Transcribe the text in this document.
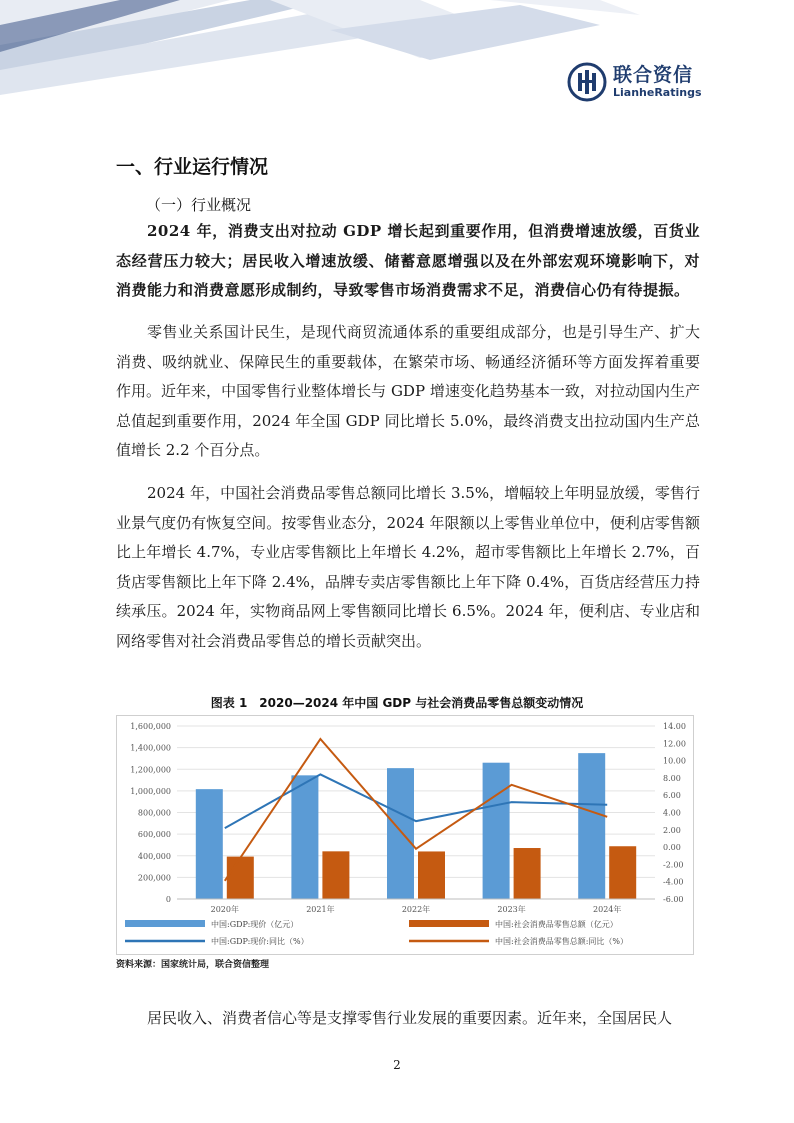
联合资信
LianheRatings
一、行业运行情况
（一）行业概况

2024 年，消费支出对拉动 GDP 增长起到重要作用，但消费增速放缓，百货业态经营压力较大；居民收入增速放缓、储蓄意愿增强以及在外部宏观环境影响下，对消费能力和消费意愿形成制约，导致零售市场消费需求不足，消费信心仍有待提振。

零售业关系国计民生，是现代商贸流通体系的重要组成部分，也是引导生产、扩大消费、吸纳就业、保障民生的重要载体，在繁荣市场、畅通经济循环等方面发挥着重要作用。近年来，中国零售行业整体增长与 GDP 增速变化趋势基本一致，对拉动国内生产总值起到重要作用，2024 年全国 GDP 同比增长 5.0%，最终消费支出拉动国内生产总值增长 2.2 个百分点。

2024 年，中国社会消费品零售总额同比增长 3.5%，增幅较上年明显放缓，零售行业景气度仍有恢复空间。按零售业态分，2024 年限额以上零售业单位中，便利店零售额比上年增长 4.7%，专业店零售额比上年增长 4.2%，超市零售额比上年增长 2.7%，百货店零售额比上年下降 2.4%，品牌专卖店零售额比上年下降 0.4%，百货店经营压力持续承压。2024 年，实物商品网上零售额同比增长 6.5%。2024 年，便利店、专业店和网络零售对社会消费品零售总的增长贡献突出。

图表 1　2020—2024 年中国 GDP 与社会消费品零售总额变动情况
1,600,000
1,400,000
1,200,000
1,000,000
800,000
600,000
400,000
200,000
0
14.00
12.00
10.00
8.00
6.00
4.00
2.00
0.00
-2.00
-4.00
-6.00
2020年	2021年	2022年	2023年	2024年
中国:GDP:现价（亿元）	中国:社会消费品零售总额（亿元）
中国:GDP:现价:同比（%）	中国:社会消费品零售总额:同比（%）
资料来源：国家统计局，联合资信整理

居民收入、消费者信心等是支撑零售行业发展的重要因素。近年来，全国居民人

2
